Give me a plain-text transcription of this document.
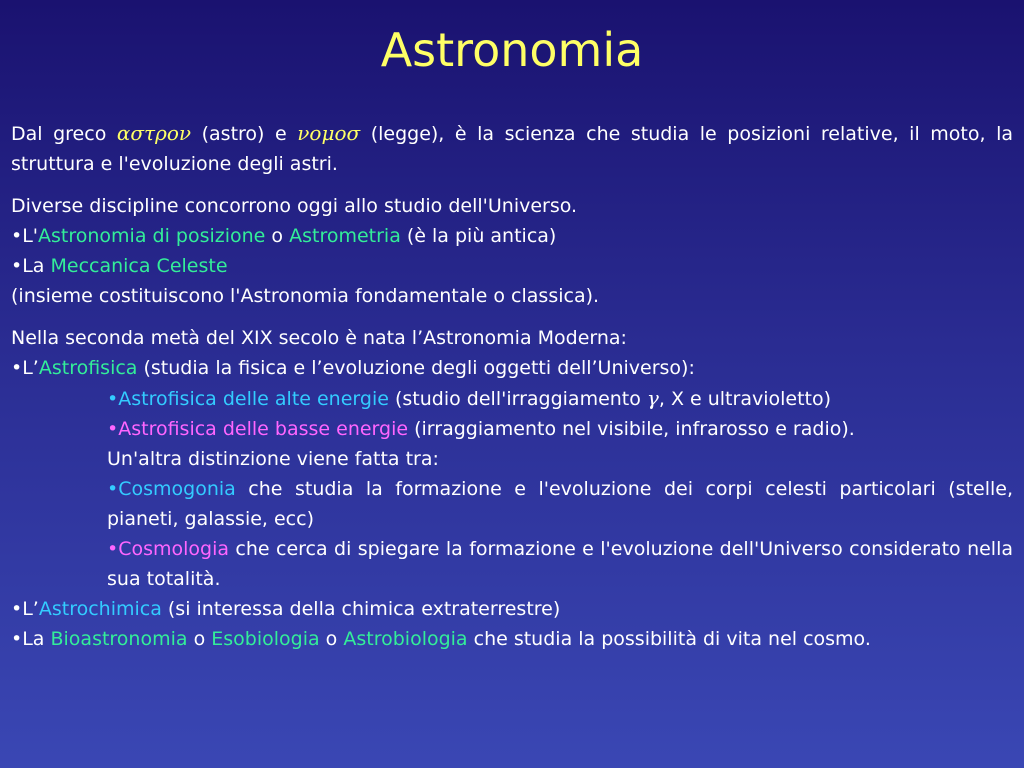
Astronomia

Dal greco αστρον (astro) e νομοσ (legge), è la scienza che studia le posizioni relative, il moto, la struttura e l'evoluzione degli astri.

Diverse discipline concorrono oggi allo studio dell'Universo.

•L'Astronomia di posizione o Astrometria (è la più antica)

•La Meccanica Celeste

(insieme costituiscono l'Astronomia fondamentale o classica).

Nella seconda metà del XIX secolo è nata l’Astronomia Moderna:

•L’Astrofisica (studia la fisica e l’evoluzione degli oggetti dell’Universo):

•Astrofisica delle alte energie (studio dell'irraggiamento γ, X e ultravioletto)

•Astrofisica delle basse energie (irraggiamento nel visibile, infrarosso e radio).

Un'altra distinzione viene fatta tra:

•Cosmogonia che studia la formazione e l'evoluzione dei corpi celesti particolari (stelle, pianeti, galassie, ecc)

•Cosmologia che cerca di spiegare la formazione e l'evoluzione dell'Universo considerato nella sua totalità.

•L’Astrochimica (si interessa della chimica extraterrestre)

•La Bioastronomia o Esobiologia o Astrobiologia che studia la possibilità di vita nel cosmo.
